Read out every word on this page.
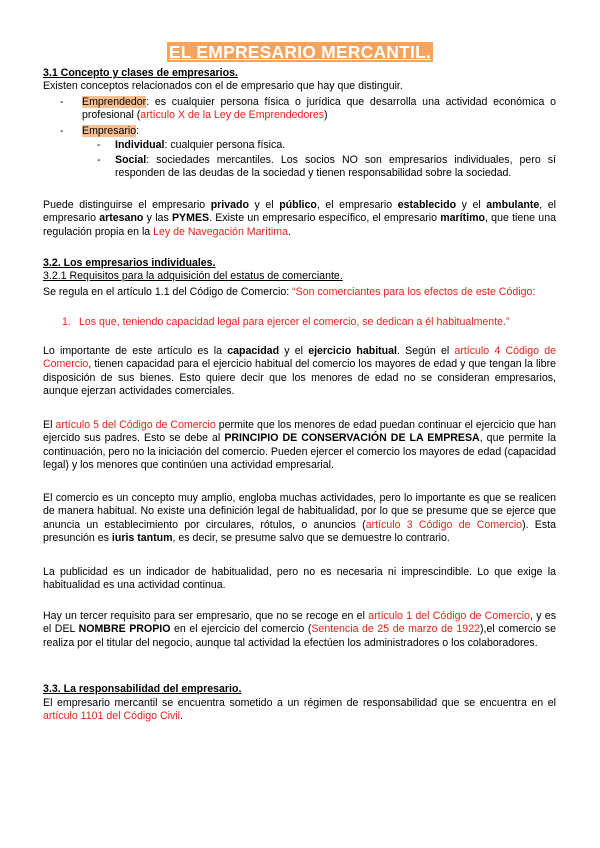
EL EMPRESARIO MERCANTIL.
3.1 Concepto y clases de empresarios.
Existen conceptos relacionados con el de empresario que hay que distinguir.
- Emprendedor: es cualquier persona física o jurídica que desarrolla una actividad económica o profesional (artículo X de la Ley de Emprendedores)
- Empresario:
- Individual: cualquier persona física.
- Social: sociedades mercantiles. Los socios NO son empresarios individuales, pero sí responden de las deudas de la sociedad y tienen responsabilidad sobre la sociedad.
Puede distinguirse el empresario privado y el público, el empresario establecido y el ambulante, el empresario artesano y las PYMES. Existe un empresario específico, el empresario marítimo, que tiene una regulación propia en la Ley de Navegación Marítima.
3.2. Los empresarios individuales.
3.2.1 Requisitos para la adquisición del estatus de comerciante.
Se regula en el artículo 1.1 del Código de Comercio: “Son comerciantes para los efectos de este Código:
1. Los que, teniendo capacidad legal para ejercer el comercio, se dedican a él habitualmente.”
Lo importante de este artículo es la capacidad y el ejercicio habitual. Según el artículo 4 Código de Comercio, tienen capacidad para el ejercicio habitual del comercio los mayores de edad y que tengan la libre disposición de sus bienes. Esto quiere decir que los menores de edad no se consideran empresarios, aunque ejerzan actividades comerciales.
El artículo 5 del Código de Comercio permite que los menores de edad puedan continuar el ejercicio que han ejercido sus padres. Esto se debe al PRINCIPIO DE CONSERVACIÓN DE LA EMPRESA, que permite la continuación, pero no la iniciación del comercio. Pueden ejercer el comercio los mayores de edad (capacidad legal) y los menores que continúen una actividad empresarial.
El comercio es un concepto muy amplio, engloba muchas actividades, pero lo importante es que se realicen de manera habitual. No existe una definición legal de habitualidad, por lo que se presume que se ejerce que anuncia un establecimiento por circulares, rótulos, o anuncios (artículo 3 Código de Comercio). Esta presunción es iuris tantum, es decir, se presume salvo que se demuestre lo contrario.
La publicidad es un indicador de habitualidad, pero no es necesaria ni imprescindible. Lo que exige la habitualidad es una actividad continua.
Hay un tercer requisito para ser empresario, que no se recoge en el artículo 1 del Código de Comercio, y es el DEL NOMBRE PROPIO en el ejercicio del comercio (Sentencia de 25 de marzo de 1922),el comercio se realiza por el titular del negocio, aunque tal actividad la efectúen los administradores o los colaboradores.
3.3. La responsabilidad del empresario.
El empresario mercantil se encuentra sometido a un régimen de responsabilidad que se encuentra en el artículo 1101 del Código Civil.
